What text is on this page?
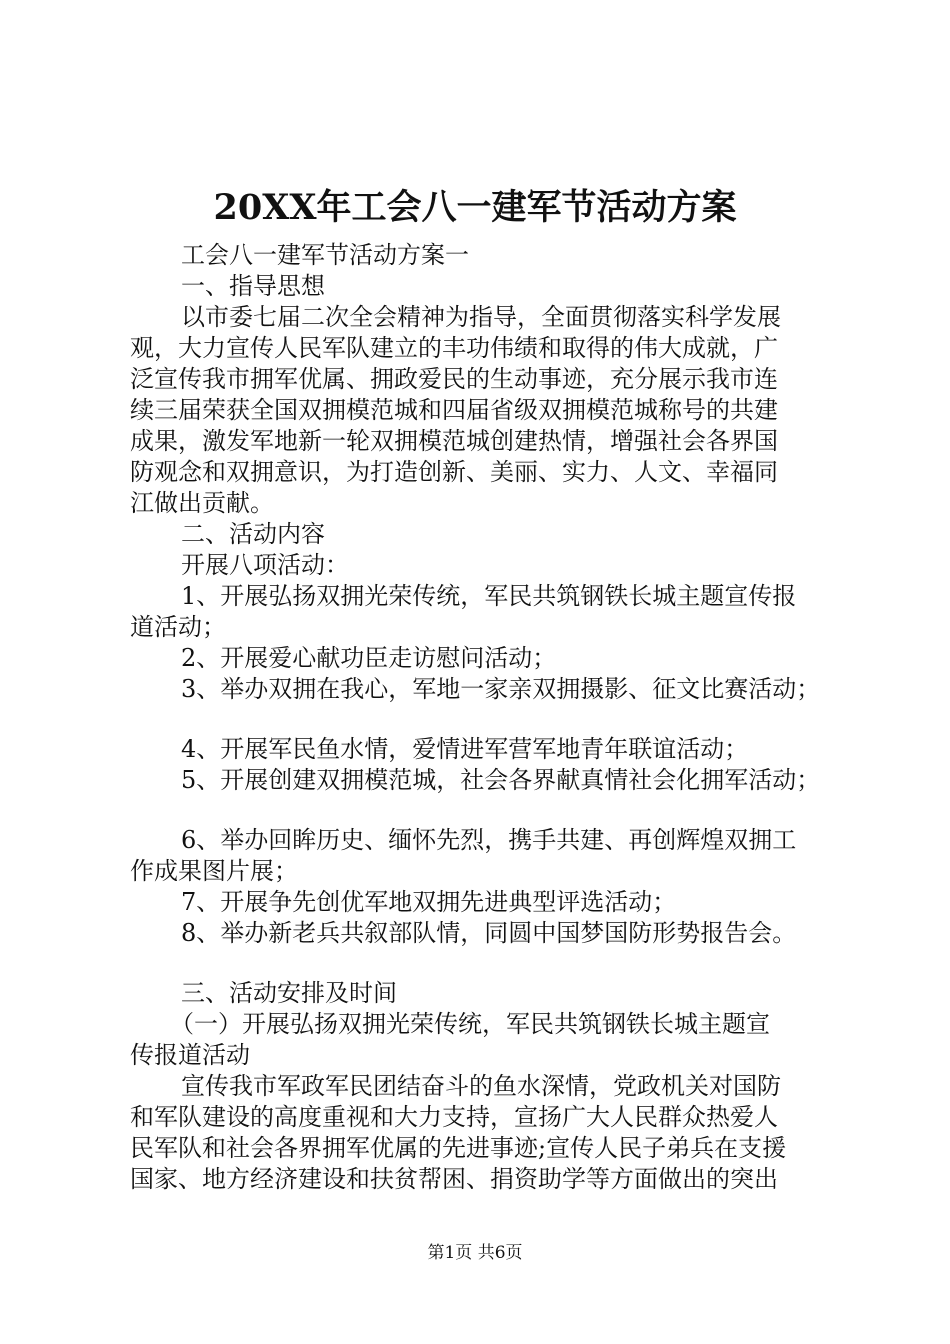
20XX年工会八一建军节活动方案
工会八一建军节活动方案一
一、指导思想
以市委七届二次全会精神为指导，全面贯彻落实科学发展
观，大力宣传人民军队建立的丰功伟绩和取得的伟大成就，广
泛宣传我市拥军优属、拥政爱民的生动事迹，充分展示我市连
续三届荣获全国双拥模范城和四届省级双拥模范城称号的共建
成果，激发军地新一轮双拥模范城创建热情，增强社会各界国
防观念和双拥意识，为打造创新、美丽、实力、人文、幸福同
江做出贡献。
二、活动内容
开展八项活动：
1、开展弘扬双拥光荣传统，军民共筑钢铁长城主题宣传报
道活动；
2、开展爱心献功臣走访慰问活动；
3、举办双拥在我心，军地一家亲双拥摄影、征文比赛活动；
4、开展军民鱼水情，爱情进军营军地青年联谊活动；
5、开展创建双拥模范城，社会各界献真情社会化拥军活动；
6、举办回眸历史、缅怀先烈，携手共建、再创辉煌双拥工
作成果图片展；
7、开展争先创优军地双拥先进典型评选活动；
8、举办新老兵共叙部队情，同圆中国梦国防形势报告会。
三、活动安排及时间
（一）开展弘扬双拥光荣传统，军民共筑钢铁长城主题宣
传报道活动
宣传我市军政军民团结奋斗的鱼水深情，党政机关对国防
和军队建设的高度重视和大力支持，宣扬广大人民群众热爱人
民军队和社会各界拥军优属的先进事迹;宣传人民子弟兵在支援
国家、地方经济建设和扶贫帮困、捐资助学等方面做出的突出
第1页 共6页
